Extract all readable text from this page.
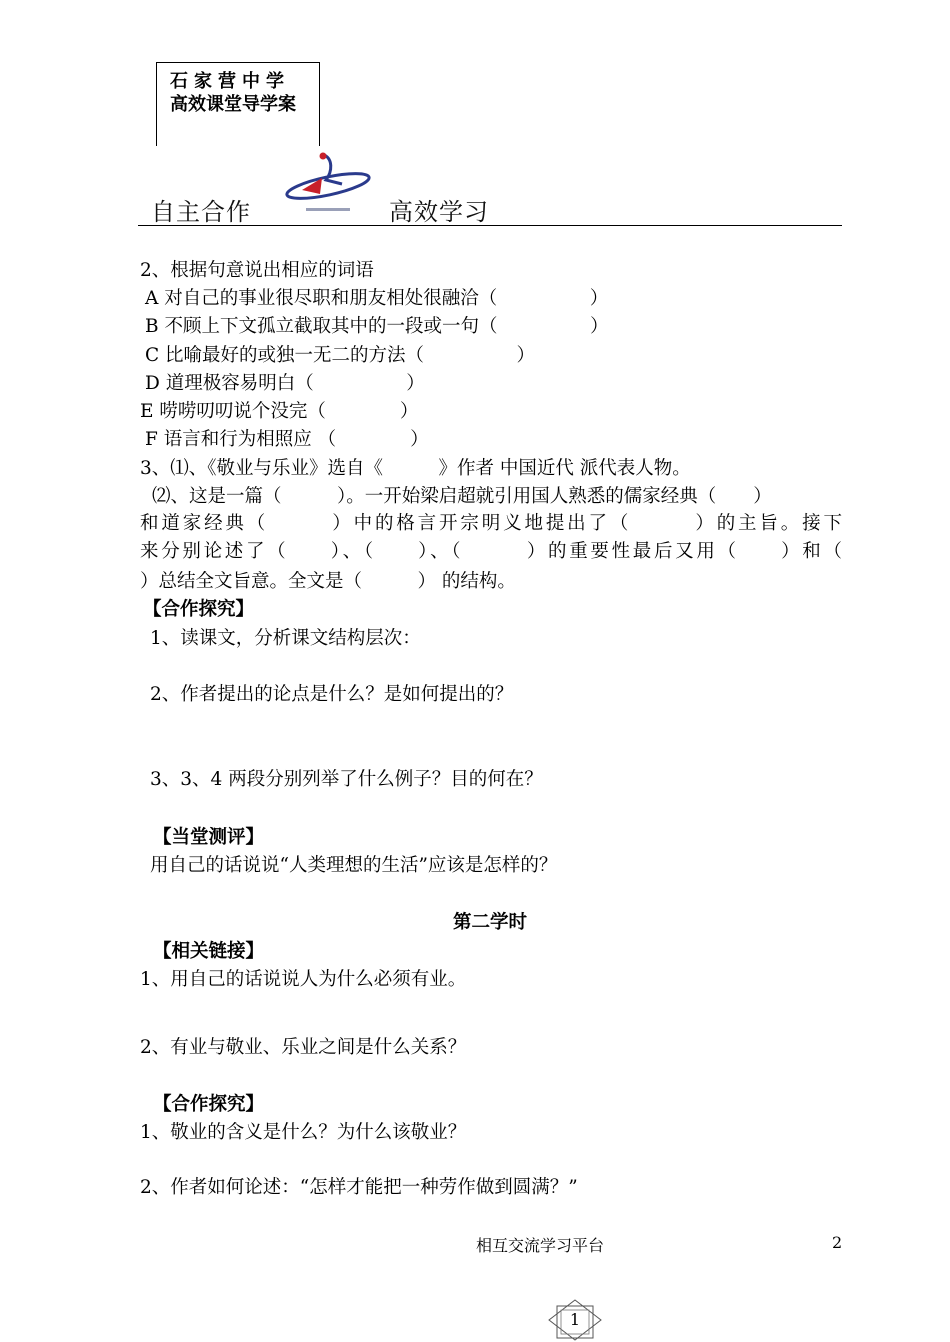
石家营中学
高效课堂导学案
自主合作	高效学习
2、根据句意说出相应的词语
A 对自己的事业很尽职和朋友相处很融洽（　　　　　）
B 不顾上下文孤立截取其中的一段或一句（　　　　　）
C 比喻最好的或独一无二的方法（　　　　　）
D 道理极容易明白（　　　　　）
E 唠唠叨叨说个没完（　　　　）
F 语言和行为相照应 （　　　　）
3、⑴、《敬业与乐业》选自《　　　》作者 中国近代 派代表人物。
⑵、这是一篇（　　　）。一开始梁启超就引用国人熟悉的儒家经典（　　）
和道家经典（　　　）中的格言开宗明义地提出了（　　　）的主旨。接下
来分别论述了（　　）、（　　）、（　　　）的重要性最后又用（　　）和（
）总结全文旨意。全文是（　　　） 的结构。
【合作探究】
1、读课文，分析课文结构层次：
2、作者提出的论点是什么？是如何提出的？
3、3、4 两段分别列举了什么例子？目的何在？
【当堂测评】
用自己的话说说“人类理想的生活”应该是怎样的？
第二学时
【相关链接】
1、用自己的话说说人为什么必须有业。
2、有业与敬业、乐业之间是什么关系？
【合作探究】
1、敬业的含义是什么？为什么该敬业？
2、作者如何论述：“怎样才能把一种劳作做到圆满？”
相互交流学习平台	2
1
